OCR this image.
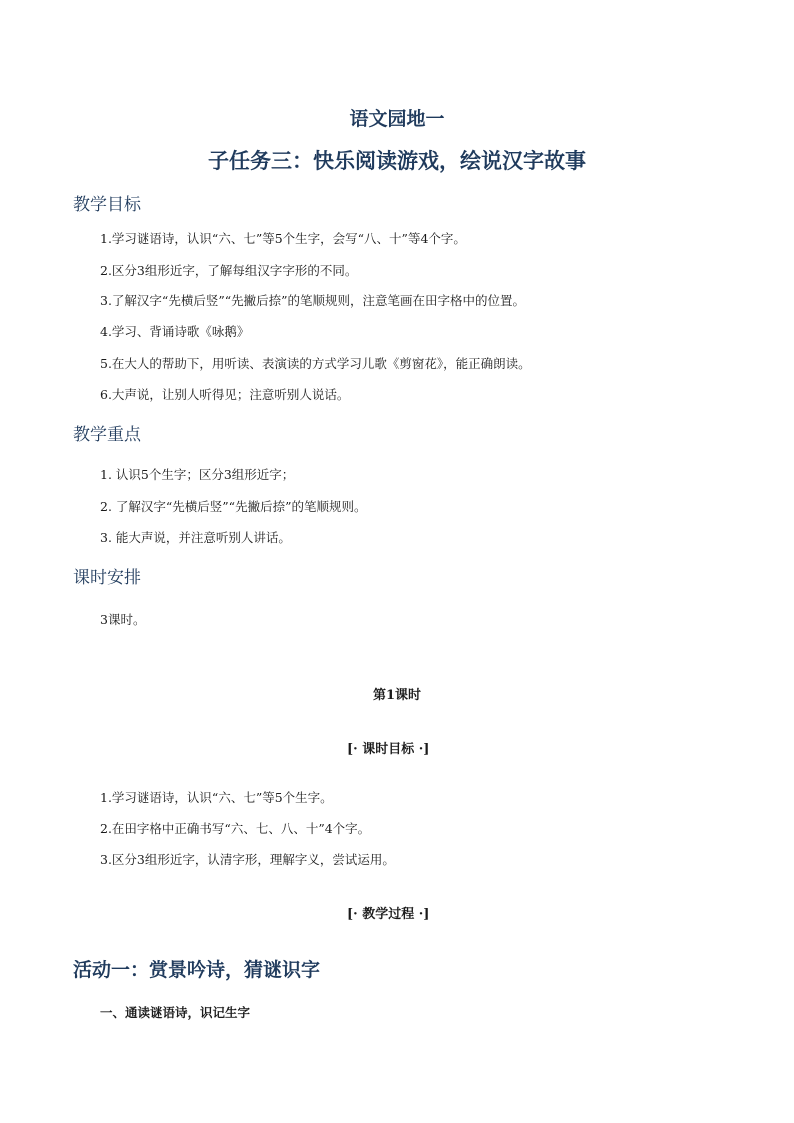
语文园地一
子任务三：快乐阅读游戏，绘说汉字故事
教学目标
1.学习谜语诗，认识“六、七”等5个生字，会写“八、十”等4个字。
2.区分3组形近字，了解每组汉字字形的不同。
3.了解汉字“先横后竖”“先撇后捺”的笔顺规则，注意笔画在田字格中的位置。
4.学习、背诵诗歌《咏鹅》
5.在大人的帮助下，用听读、表演读的方式学习儿歌《剪窗花》，能正确朗读。
6.大声说，让别人听得见；注意听别人说话。
教学重点
1. 认识5个生字；区分3组形近字；
2. 了解汉字“先横后竖”“先撇后捺”的笔顺规则。
3. 能大声说，并注意听别人讲话。
课时安排
3课时。
第1课时
[· 课时目标 ·]
1.学习谜语诗，认识“六、七”等5个生字。
2.在田字格中正确书写“六、七、八、十”4个字。
3.区分3组形近字，认清字形，理解字义，尝试运用。
[· 教学过程 ·]
活动一：赏景吟诗，猜谜识字
一、通读谜语诗，识记生字
